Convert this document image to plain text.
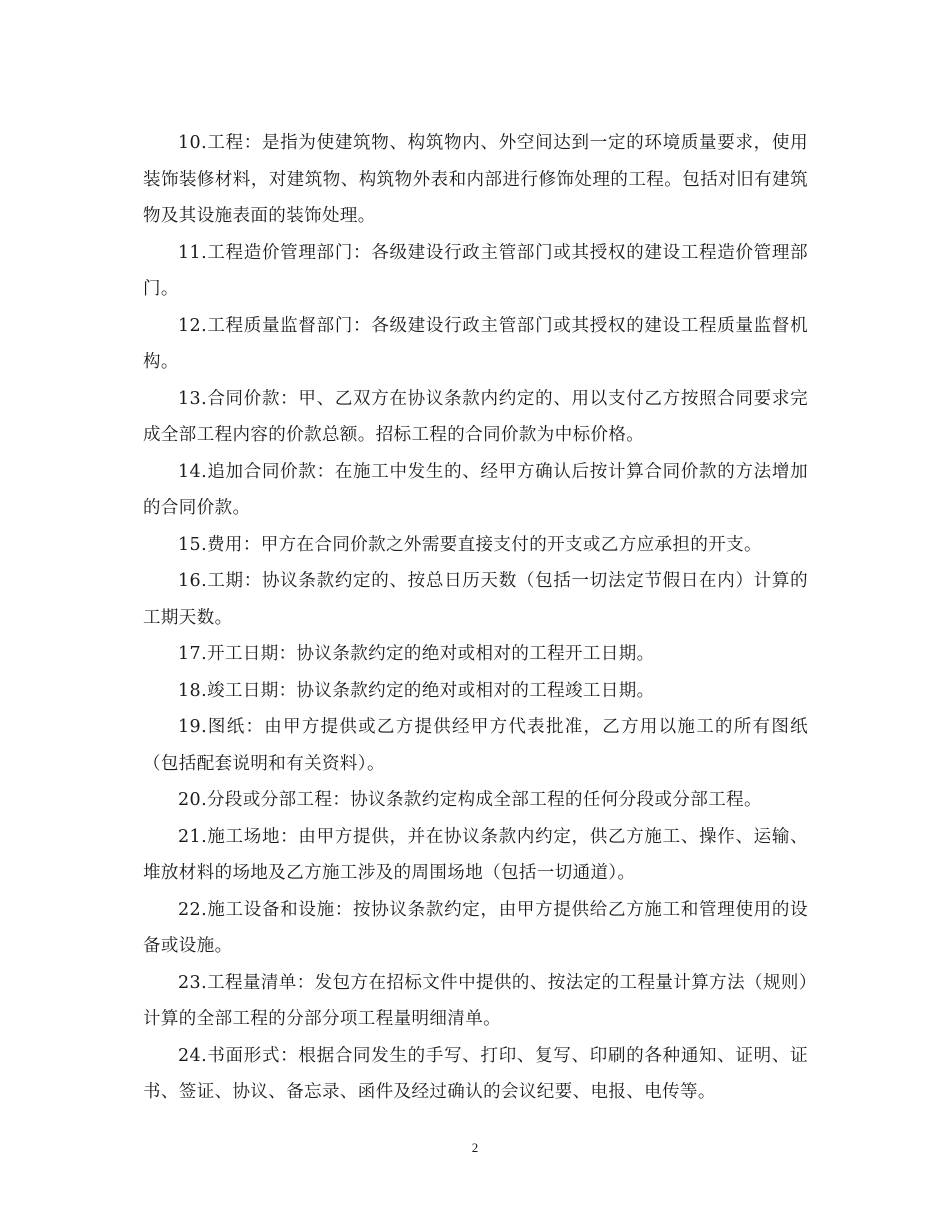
10.工程：是指为使建筑物、构筑物内、外空间达到一定的环境质量要求，使用装饰装修材料，对建筑物、构筑物外表和内部进行修饰处理的工程。包括对旧有建筑物及其设施表面的装饰处理。

11.工程造价管理部门：各级建设行政主管部门或其授权的建设工程造价管理部门。

12.工程质量监督部门：各级建设行政主管部门或其授权的建设工程质量监督机构。

13.合同价款：甲、乙双方在协议条款内约定的、用以支付乙方按照合同要求完成全部工程内容的价款总额。招标工程的合同价款为中标价格。

14.追加合同价款：在施工中发生的、经甲方确认后按计算合同价款的方法增加的合同价款。

15.费用：甲方在合同价款之外需要直接支付的开支或乙方应承担的开支。

16.工期：协议条款约定的、按总日历天数（包括一切法定节假日在内）计算的工期天数。

17.开工日期：协议条款约定的绝对或相对的工程开工日期。

18.竣工日期：协议条款约定的绝对或相对的工程竣工日期。

19.图纸：由甲方提供或乙方提供经甲方代表批准，乙方用以施工的所有图纸（包括配套说明和有关资料）。

20.分段或分部工程：协议条款约定构成全部工程的任何分段或分部工程。

21.施工场地：由甲方提供，并在协议条款内约定，供乙方施工、操作、运输、堆放材料的场地及乙方施工涉及的周围场地（包括一切通道）。

22.施工设备和设施：按协议条款约定，由甲方提供给乙方施工和管理使用的设备或设施。

23.工程量清单：发包方在招标文件中提供的、按法定的工程量计算方法（规则）计算的全部工程的分部分项工程量明细清单。

24.书面形式：根据合同发生的手写、打印、复写、印刷的各种通知、证明、证书、签证、协议、备忘录、函件及经过确认的会议纪要、电报、电传等。

2
